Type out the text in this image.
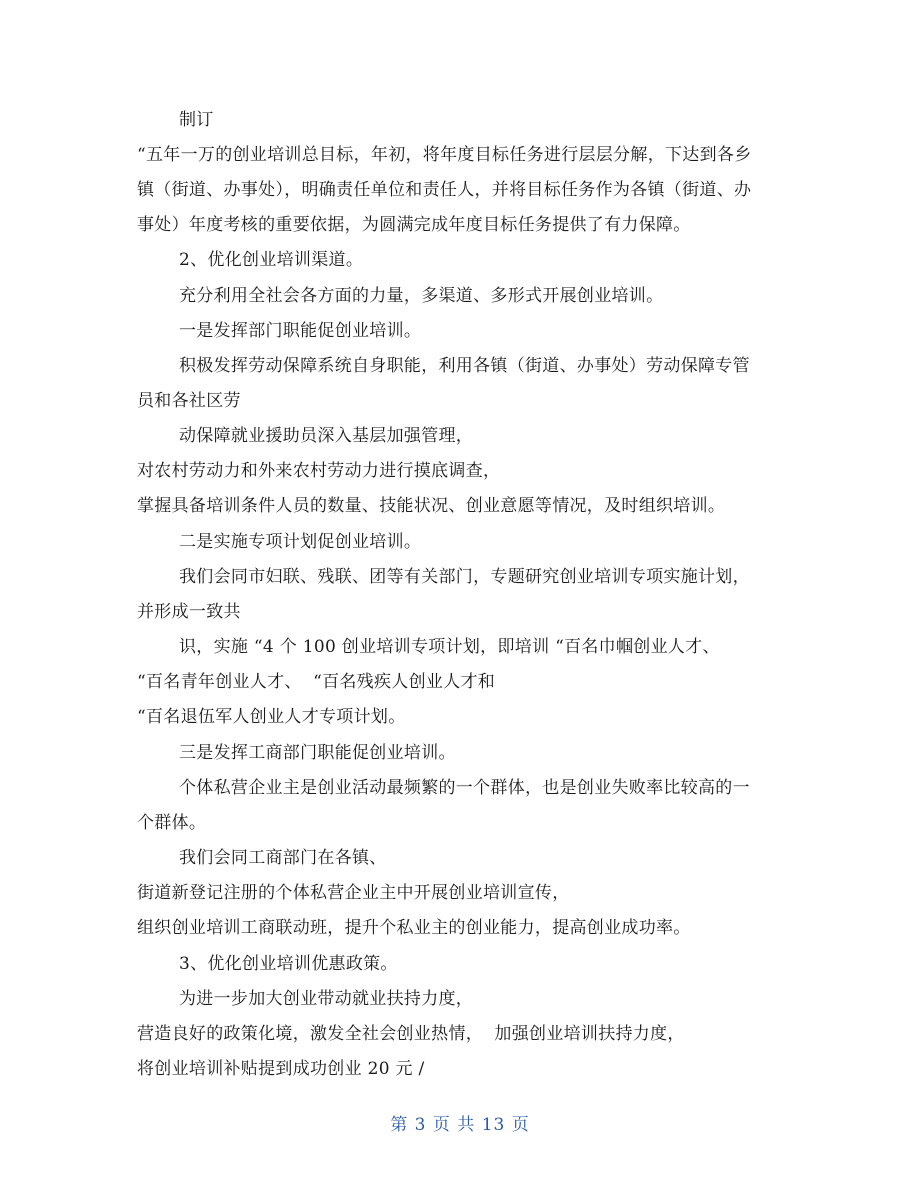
制订
“五年一万的创业培训总目标，年初，将年度目标任务进行层层分解，下达到各乡
镇（街道、办事处），明确责任单位和责任人，并将目标任务作为各镇（街道、办
事处）年度考核的重要依据，为圆满完成年度目标任务提供了有力保障。
2、优化创业培训渠道。
充分利用全社会各方面的力量，多渠道、多形式开展创业培训。
一是发挥部门职能促创业培训。
积极发挥劳动保障系统自身职能，利用各镇（街道、办事处）劳动保障专管
员和各社区劳
动保障就业援助员深入基层加强管理，
对农村劳动力和外来农村劳动力进行摸底调查，
掌握具备培训条件人员的数量、技能状况、创业意愿等情况，及时组织培训。
二是实施专项计划促创业培训。
我们会同市妇联、残联、团等有关部门，专题研究创业培训专项实施计划，
并形成一致共
识，实施 “4 个 100 创业培训专项计划，即培训 “百名巾帼创业人才、
“百名青年创业人才、  “百名残疾人创业人才和
“百名退伍军人创业人才专项计划。
三是发挥工商部门职能促创业培训。
个体私营企业主是创业活动最频繁的一个群体，也是创业失败率比较高的一
个群体。
我们会同工商部门在各镇、
街道新登记注册的个体私营企业主中开展创业培训宣传，
组织创业培训工商联动班，提升个私业主的创业能力，提高创业成功率。
3、优化创业培训优惠政策。
为进一步加大创业带动就业扶持力度，
营造良好的政策化境，激发全社会创业热情，  加强创业培训扶持力度，
将创业培训补贴提到成功创业 20 元 /
第 3 页 共 13 页
